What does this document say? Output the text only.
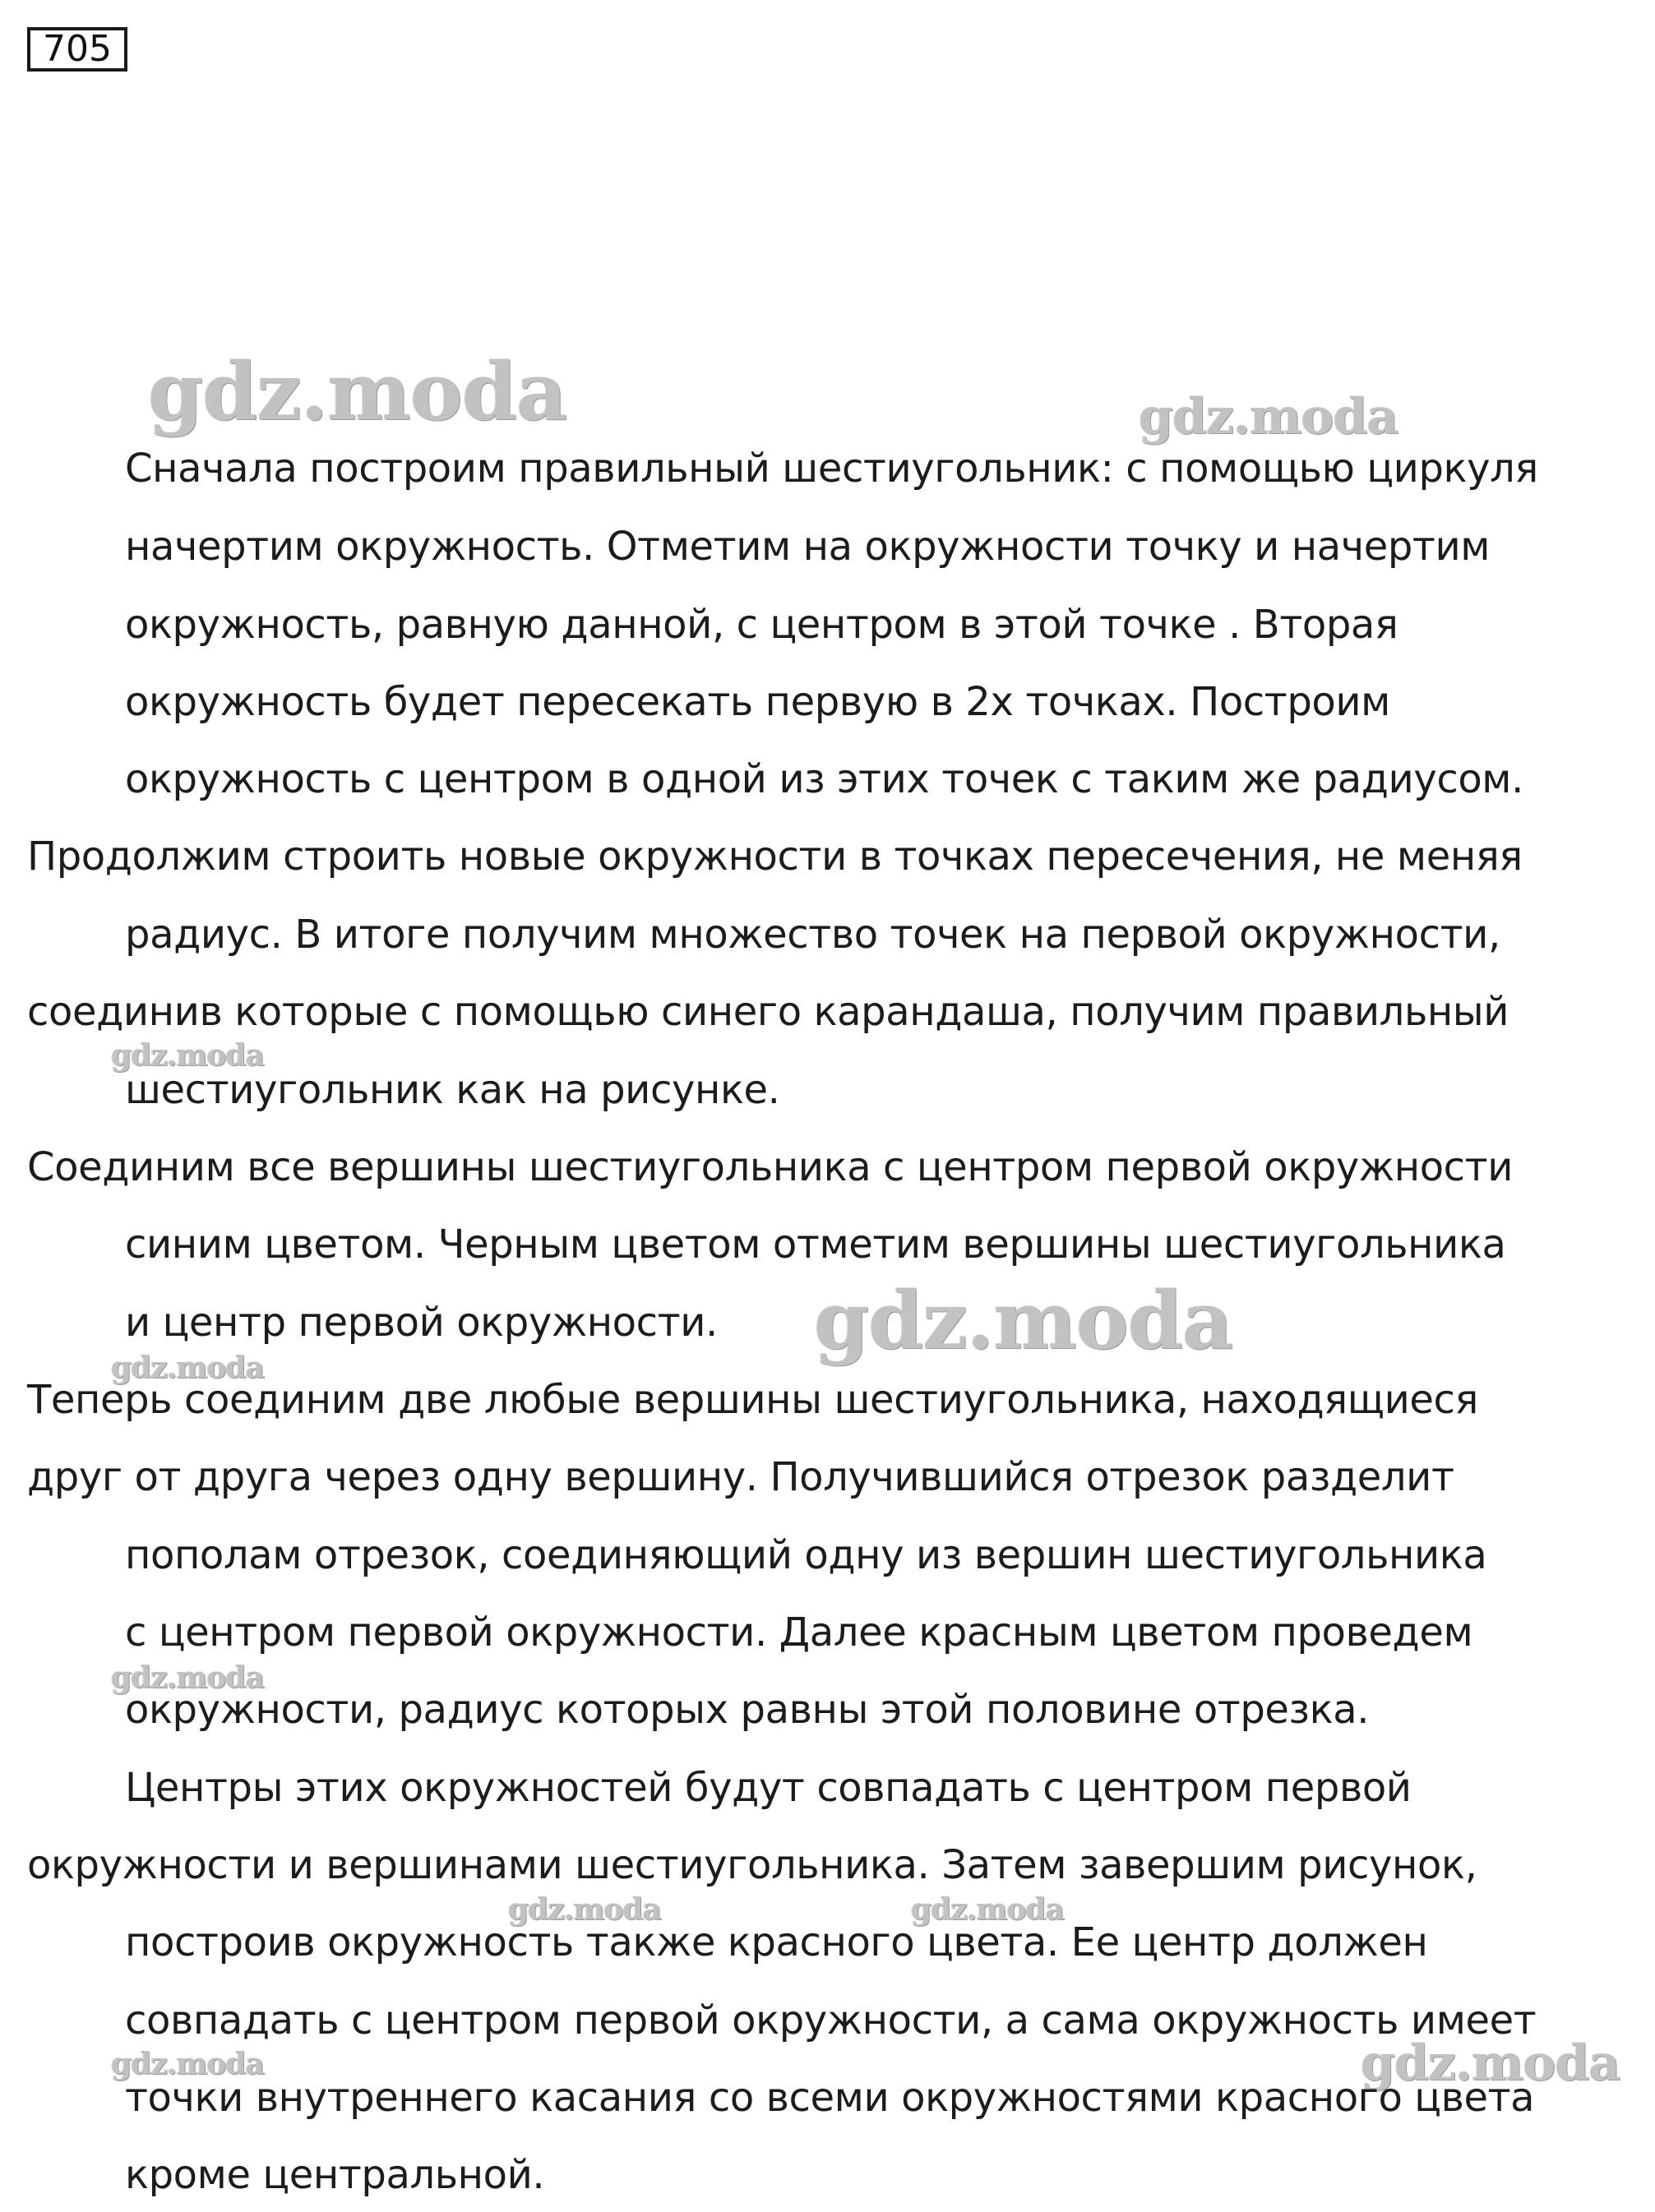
705
gdz.moda	gdz.moda
gdz.moda
gdz.moda
gdz.moda
gdz.moda
gdz.moda	gdz.moda
gdz.moda	gdz.moda
Сначала построим правильный шестиугольник: с помощью циркуля
начертим окружность. Отметим на окружности точку и начертим
окружность, равную данной, с центром в этой точке . Вторая
окружность будет пересекать первую в 2х точках. Построим
окружность с центром в одной из этих точек с таким же радиусом.
Продолжим строить новые окружности в точках пересечения, не меняя
радиус. В итоге получим множество точек на первой окружности,
соединив которые с помощью синего карандаша, получим правильный
шестиугольник как на рисунке.
Соединим все вершины шестиугольника с центром первой окружности
синим цветом. Черным цветом отметим вершины шестиугольника
и центр первой окружности.
Теперь соединим две любые вершины шестиугольника, находящиеся
друг от друга через одну вершину. Получившийся отрезок разделит
пополам отрезок, соединяющий одну из вершин шестиугольника
с центром первой окружности. Далее красным цветом проведем
окружности, радиус которых равны этой половине отрезка.
Центры этих окружностей будут совпадать с центром первой
окружности и вершинами шестиугольника. Затем завершим рисунок,
построив окружность также красного цвета. Ее центр должен
совпадать с центром первой окружности, а сама окружность имеет
точки внутреннего касания со всеми окружностями красного цвета
кроме центральной.
